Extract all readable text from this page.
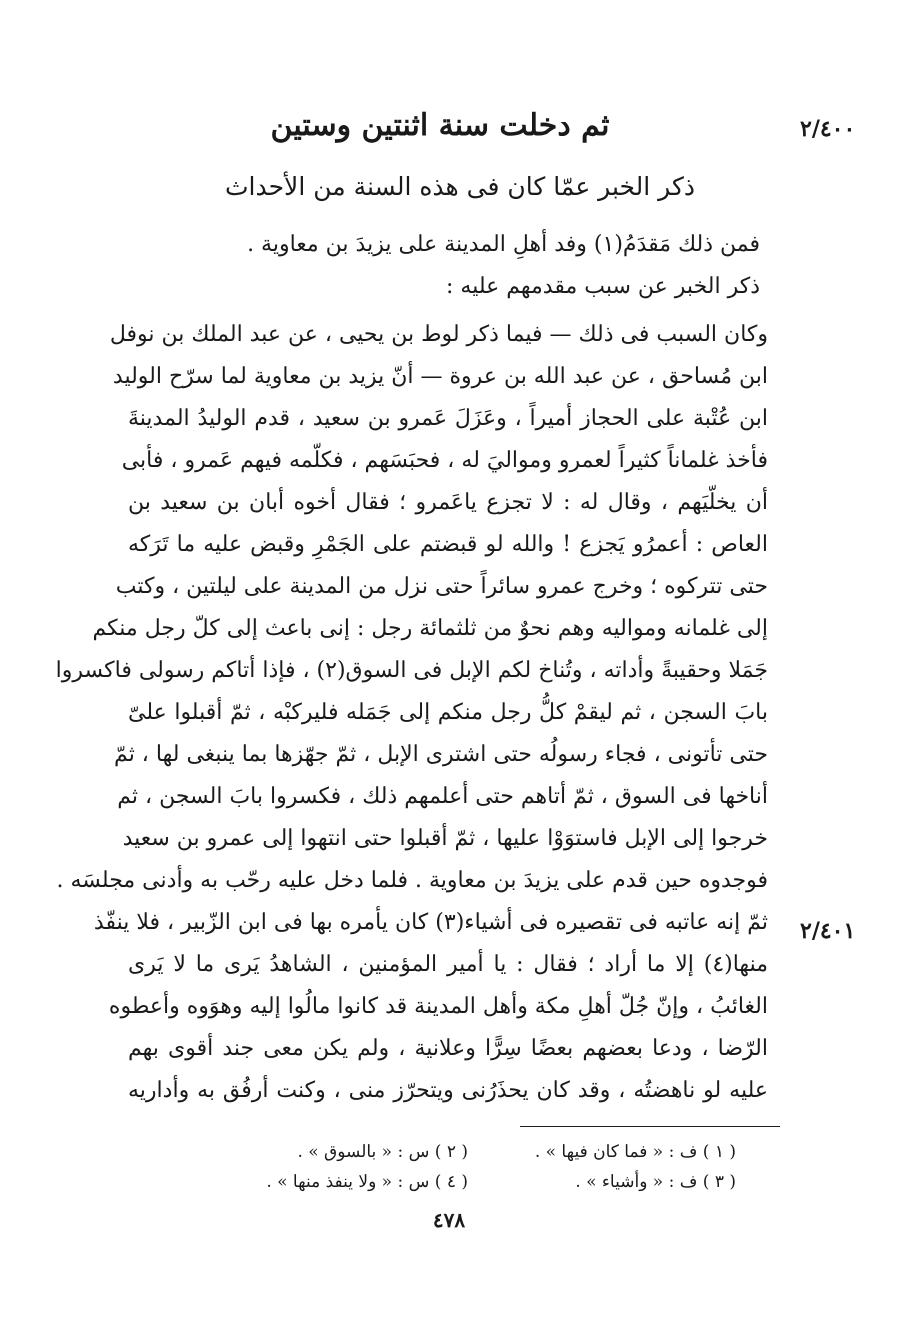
٢/٤٠٠
ثم دخلت سنة اثنتين وستين
ذكر الخبر عمّا كان فى هذه السنة من الأحداث
فمن ذلك مَقدَمُ(١) وفد أهلِ المدينة على يزيدَ بن معاوية .
ذكر الخبر عن سبب مقدمهم عليه :
وكان السبب فى ذلك — فيما ذكر لوط بن يحيى ، عن عبد الملك بن نوفل
ابن مُساحق ، عن عبد الله بن عروة — أنّ يزيد بن معاوية لما سرّح الوليد
ابن عُتْبة على الحجاز أميراً ، وعَزَلَ عَمرو بن سعيد ، قدم الوليدُ المدينةَ
فأخذ غلماناً كثيراً لعمرو ومواليَ له ، فحبَسَهم ، فكلّمه فيهم عَمرو ، فأبى
أن يخلّيَهم ، وقال له : لا تجزع ياعَمرو ؛ فقال أخوه أبان بن سعيد بن
العاص : أعمرُو يَجزع ! والله لو قبضتم على الجَمْرِ وقبض عليه ما تَرَكه
حتى تتركوه ؛ وخرج عمرو سائراً حتى نزل من المدينة على ليلتين ، وكتب
إلى غلمانه ومواليه وهم نحوٌ من ثلثمائة رجل : إنى باعث إلى كلّ رجل منكم
جَمَلا وحقيبةً وأداته ، وتُناخ لكم الإبل فى السوق(٢) ، فإذا أتاكم رسولى فاكسروا
بابَ السجن ، ثم ليقمْ كلُّ رجل منكم إلى جَمَله فليركبْه ، ثمّ أقبلوا علىّ
حتى تأتونى ، فجاء رسولُه حتى اشترى الإبل ، ثمّ جهّزها بما ينبغى لها ، ثمّ
أناخها فى السوق ، ثمّ أتاهم حتى أعلمهم ذلك ، فكسروا بابَ السجن ، ثم
خرجوا إلى الإبل فاستوَوْا عليها ، ثمّ أقبلوا حتى انتهوا إلى عمرو بن سعيد
فوجدوه حين قدم على يزيدَ بن معاوية . فلما دخل عليه رحّب به وأدنى مجلسَه .
ثمّ إنه عاتبه فى تقصيره فى أشياء(٣) كان يأمره بها فى ابن الزّبير ، فلا ينفّذ
منها(٤) إلا ما أراد ؛ فقال : يا أمير المؤمنين ، الشاهدُ يَرى ما لا يَرى
الغائبُ ، وإنّ جُلّ أهلِ مكة وأهل المدينة قد كانوا مالُوا إليه وهوَوه وأعطوه
الرّضا ، ودعا بعضهم بعضًا سِرًّا وعلانية ، ولم يكن معى جند أقوى بهم
عليه لو ناهضتُه ، وقد كان يحذَرُنى ويتحرّز منى ، وكنت أرفُق به وأداريه
٢/٤٠١
( ١ ) ف : « فما كان فيها » .
( ٢ ) س : « بالسوق » .
( ٣ ) ف : « وأشياء » .
( ٤ ) س : « ولا ينفذ منها » .
٤٧٨
